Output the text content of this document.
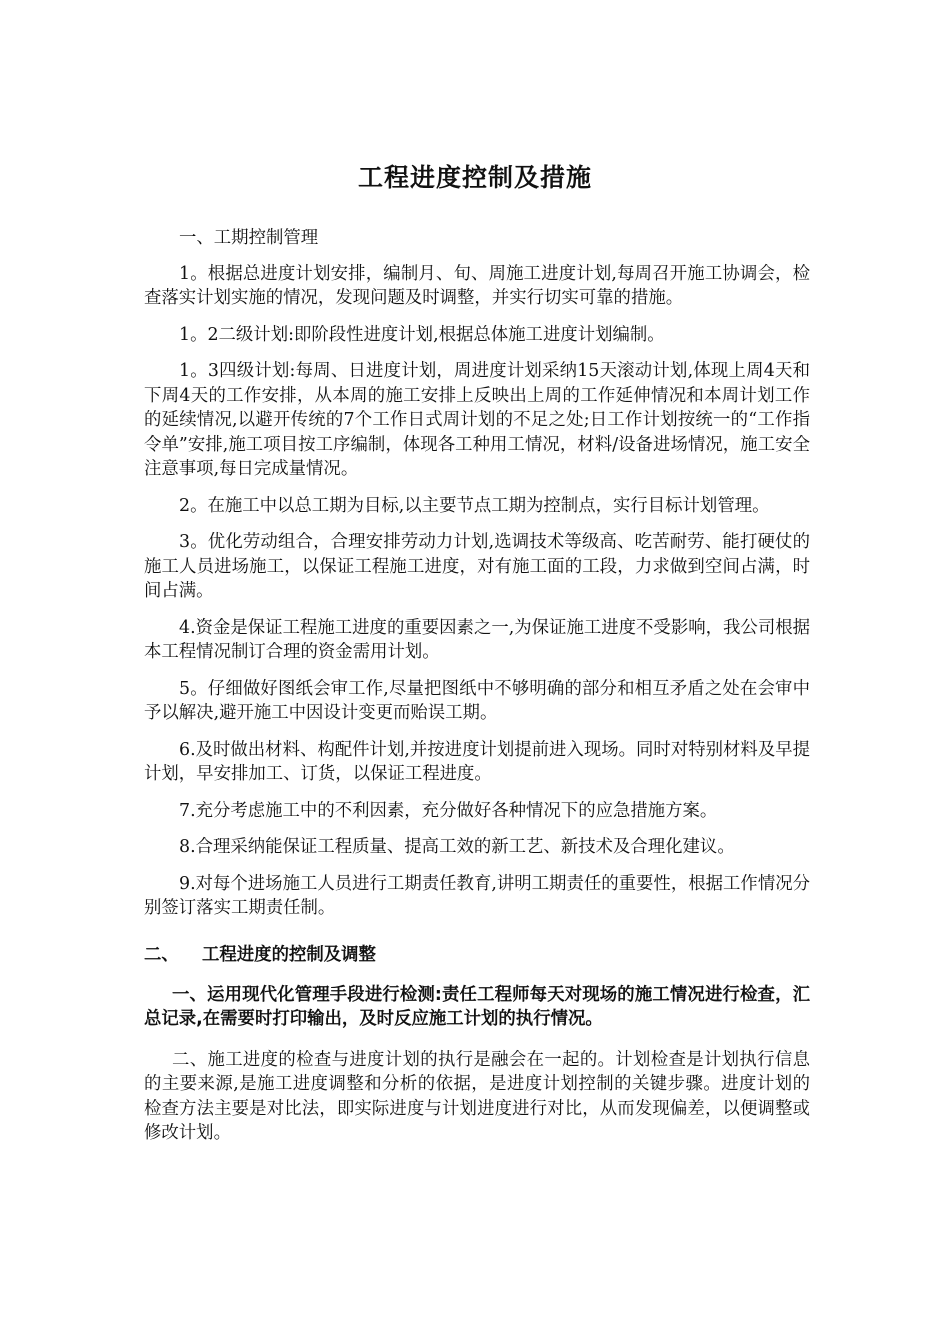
工程进度控制及措施

一、工期控制管理

1。根据总进度计划安排，编制月、旬、周施工进度计划,每周召开施工协调会，检查落实计划实施的情况，发现问题及时调整，并实行切实可靠的措施。

1。2二级计划:即阶段性进度计划,根据总体施工进度计划编制。

1。3四级计划:每周、日进度计划，周进度计划采纳15天滚动计划,体现上周4天和下周4天的工作安排，从本周的施工安排上反映出上周的工作延伸情况和本周计划工作的延续情况,以避开传统的7个工作日式周计划的不足之处;日工作计划按统一的“工作指令单”安排,施工项目按工序编制，体现各工种用工情况，材料/设备进场情况，施工安全注意事项,每日完成量情况。

2。在施工中以总工期为目标,以主要节点工期为控制点，实行目标计划管理。

3。优化劳动组合，合理安排劳动力计划,选调技术等级高、吃苦耐劳、能打硬仗的施工人员进场施工，以保证工程施工进度，对有施工面的工段，力求做到空间占满，时间占满。

4.资金是保证工程施工进度的重要因素之一,为保证施工进度不受影响，我公司根据本工程情况制订合理的资金需用计划。

5。仔细做好图纸会审工作,尽量把图纸中不够明确的部分和相互矛盾之处在会审中予以解决,避开施工中因设计变更而贻误工期。

6.及时做出材料、构配件计划,并按进度计划提前进入现场。同时对特别材料及早提计划，早安排加工、订货，以保证工程进度。

7.充分考虑施工中的不利因素，充分做好各种情况下的应急措施方案。

8.合理采纳能保证工程质量、提高工效的新工艺、新技术及合理化建议。

9.对每个进场施工人员进行工期责任教育,讲明工期责任的重要性，根据工作情况分别签订落实工期责任制。

二、	工程进度的控制及调整

一、运用现代化管理手段进行检测:责任工程师每天对现场的施工情况进行检查，汇总记录,在需要时打印输出，及时反应施工计划的执行情况。

二、施工进度的检查与进度计划的执行是融会在一起的。计划检查是计划执行信息的主要来源,是施工进度调整和分析的依据，是进度计划控制的关键步骤。进度计划的检查方法主要是对比法，即实际进度与计划进度进行对比，从而发现偏差，以便调整或修改计划。
